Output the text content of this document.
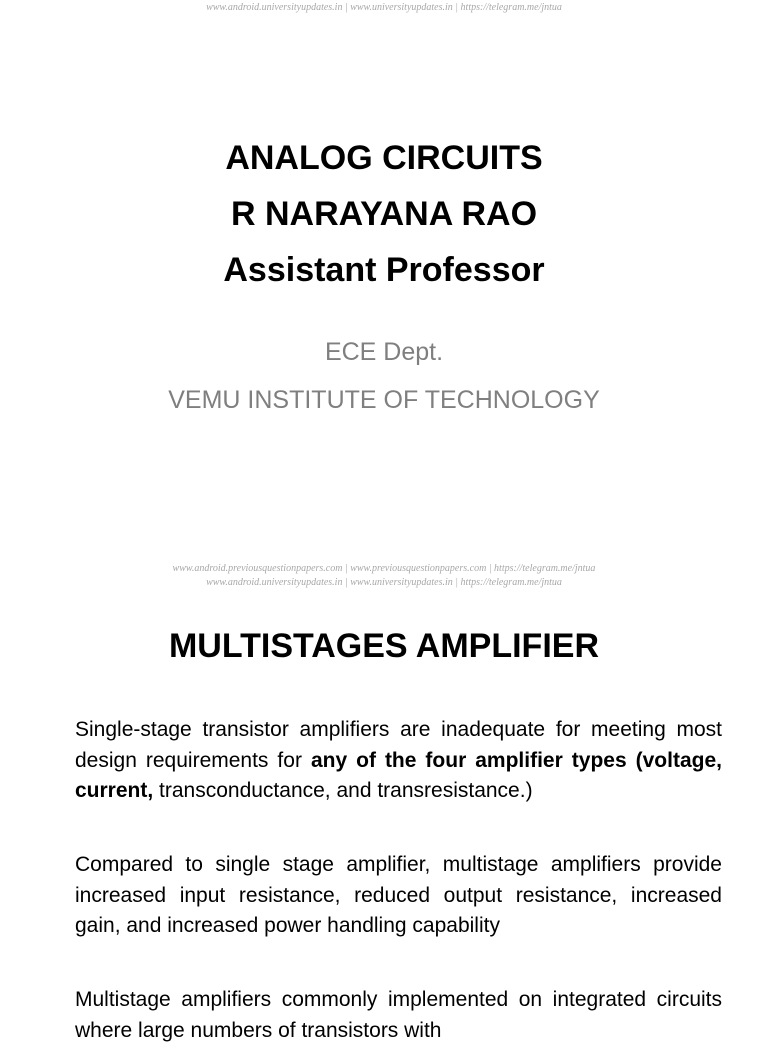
www.android.universityupdates.in | www.universityupdates.in | https://telegram.me/jntua
ANALOG CIRCUITS
R NARAYANA RAO
Assistant Professor
ECE Dept.
VEMU INSTITUTE OF TECHNOLOGY
www.android.previousquestionpapers.com | www.previousquestionpapers.com | https://telegram.me/jntua
www.android.universityupdates.in | www.universityupdates.in | https://telegram.me/jntua
MULTISTAGES AMPLIFIER
Single-stage transistor amplifiers are inadequate for meeting most design requirements for any of the four amplifier types (voltage, current, transconductance, and transresistance.)
Compared to single stage amplifier, multistage amplifiers provide increased input resistance, reduced output resistance, increased gain, and increased power handling capability
Multistage amplifiers commonly implemented on integrated circuits where large numbers of transistors with
